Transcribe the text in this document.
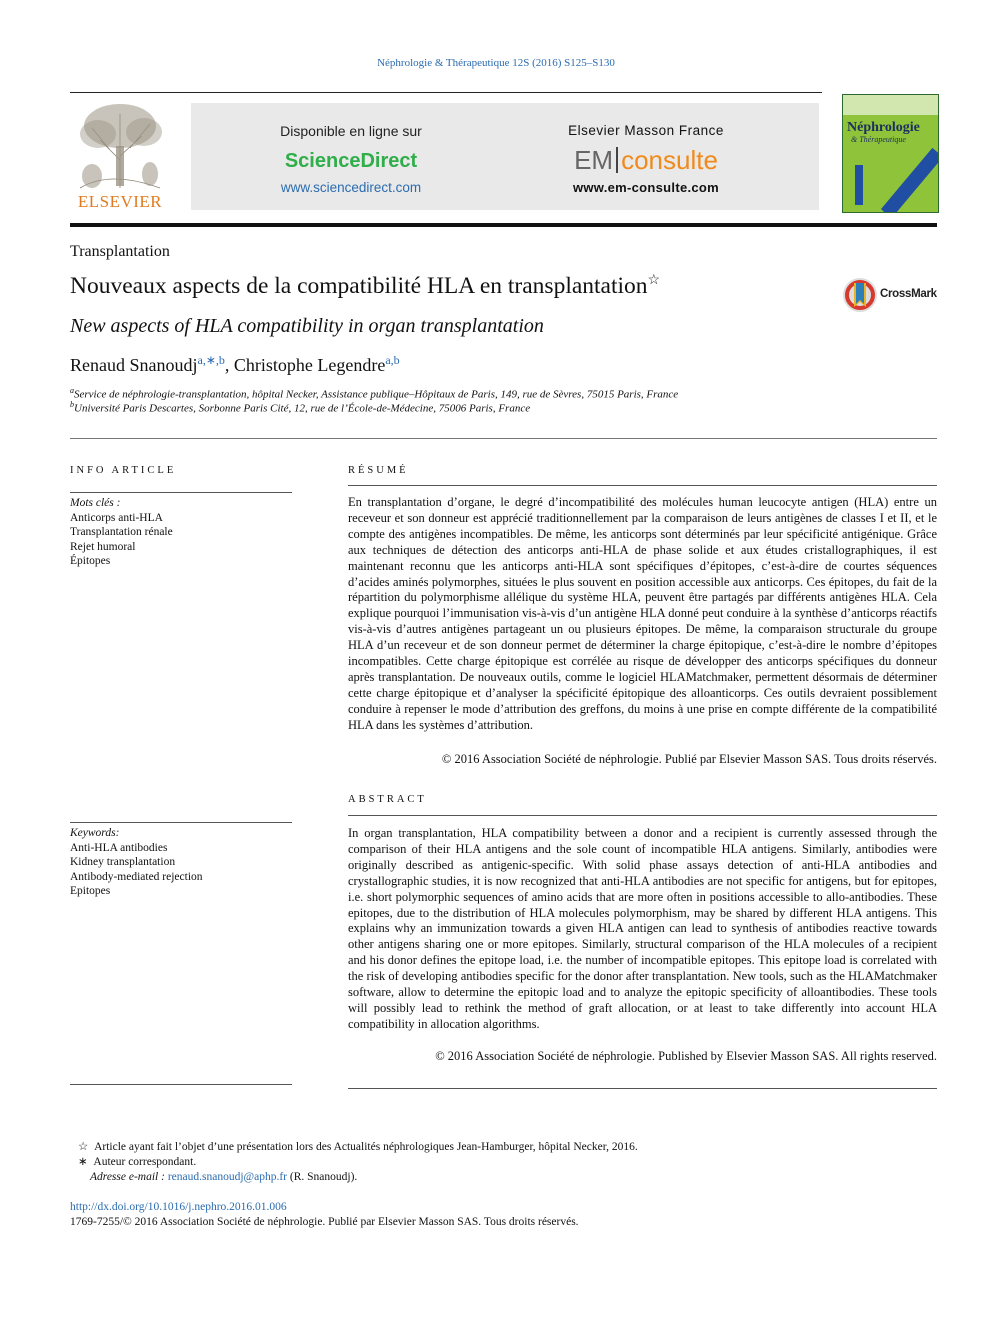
Néphrologie & Thérapeutique 12S (2016) S125–S130
ELSEVIER
Disponible en ligne sur
ScienceDirect
www.sciencedirect.com
Elsevier Masson France
EM consulte
www.em-consulte.com
Néphrologie
& Thérapeutique
Transplantation
Nouveaux aspects de la compatibilité HLA en transplantation☆
CrossMark
New aspects of HLA compatibility in organ transplantation
Renaud Snanoudj$^{a,∗,b}$, Christophe Legendre$^{a,b}$
$^a$Service de néphrologie-transplantation, hôpital Necker, Assistance publique–Hôpitaux de Paris, 149, rue de Sèvres, 75015 Paris, France
$^b$Université Paris Descartes, Sorbonne Paris Cité, 12, rue de l’École-de-Médecine, 75006 Paris, France
INFO ARTICLE
Mots clés :
Anticorps anti-HLA
Transplantation rénale
Rejet humoral
Épitopes
Keywords:
Anti-HLA antibodies
Kidney transplantation
Antibody-mediated rejection
Epitopes
RÉSUMÉ
En transplantation d’organe, le degré d’incompatibilité des molécules human leucocyte antigen (HLA) entre un receveur et son donneur est apprécié traditionnellement par la comparaison de leurs antigènes de classes I et II, et le compte des antigènes incompatibles. De même, les anticorps sont déterminés par leur spécificité antigénique. Grâce aux techniques de détection des anticorps anti-HLA de phase solide et aux études cristallographiques, il est maintenant reconnu que les anticorps anti-HLA sont spécifiques d’épitopes, c’est-à-dire de courtes séquences d’acides aminés polymorphes, situées le plus souvent en position accessible aux anticorps. Ces épitopes, du fait de la répartition du polymorphisme allélique du système HLA, peuvent être partagés par différents antigènes HLA. Cela explique pourquoi l’immunisation vis-à-vis d’un antigène HLA donné peut conduire à la synthèse d’anticorps réactifs vis-à-vis d’autres antigènes partageant un ou plusieurs épitopes. De même, la comparaison structurale du groupe HLA d’un receveur et de son donneur permet de déterminer la charge épitopique, c’est-à-dire le nombre d’épitopes incompatibles. Cette charge épitopique est corrélée au risque de développer des anticorps spécifiques du donneur après transplantation. De nouveaux outils, comme le logiciel HLAMatchmaker, permettent désormais de déterminer cette charge épitopique et d’analyser la spécificité épitopique des alloanticorps. Ces outils devraient possiblement conduire à repenser le mode d’attribution des greffons, du moins à une prise en compte différente de la compatibilité HLA dans les systèmes d’attribution.
© 2016 Association Société de néphrologie. Publié par Elsevier Masson SAS. Tous droits réservés.
ABSTRACT
In organ transplantation, HLA compatibility between a donor and a recipient is currently assessed through the comparison of their HLA antigens and the sole count of incompatible HLA antigens. Similarly, antibodies were originally described as antigenic-specific. With solid phase assays detection of anti-HLA antibodies and crystallographic studies, it is now recognized that anti-HLA antibodies are not specific for antigens, but for epitopes, i.e. short polymorphic sequences of amino acids that are more often in positions accessible to allo-antibodies. These epitopes, due to the distribution of HLA molecules polymorphism, may be shared by different HLA antigens. This explains why an immunization towards a given HLA antigen can lead to synthesis of antibodies reactive towards other antigens sharing one or more epitopes. Similarly, structural comparison of the HLA molecules of a recipient and his donor defines the epitope load, i.e. the number of incompatible epitopes. This epitope load is correlated with the risk of developing antibodies specific for the donor after transplantation. New tools, such as the HLAMatchmaker software, allow to determine the epitopic load and to analyze the epitopic specificity of alloantibodies. These tools will possibly lead to rethink the method of graft allocation, or at least to take differently into account HLA compatibility in allocation algorithms.
© 2016 Association Société de néphrologie. Published by Elsevier Masson SAS. All rights reserved.
☆ Article ayant fait l’objet d’une présentation lors des Actualités néphrologiques Jean-Hamburger, hôpital Necker, 2016.
∗ Auteur correspondant.
Adresse e-mail : renaud.snanoudj@aphp.fr (R. Snanoudj).
http://dx.doi.org/10.1016/j.nephro.2016.01.006
1769-7255/© 2016 Association Société de néphrologie. Publié par Elsevier Masson SAS. Tous droits réservés.
